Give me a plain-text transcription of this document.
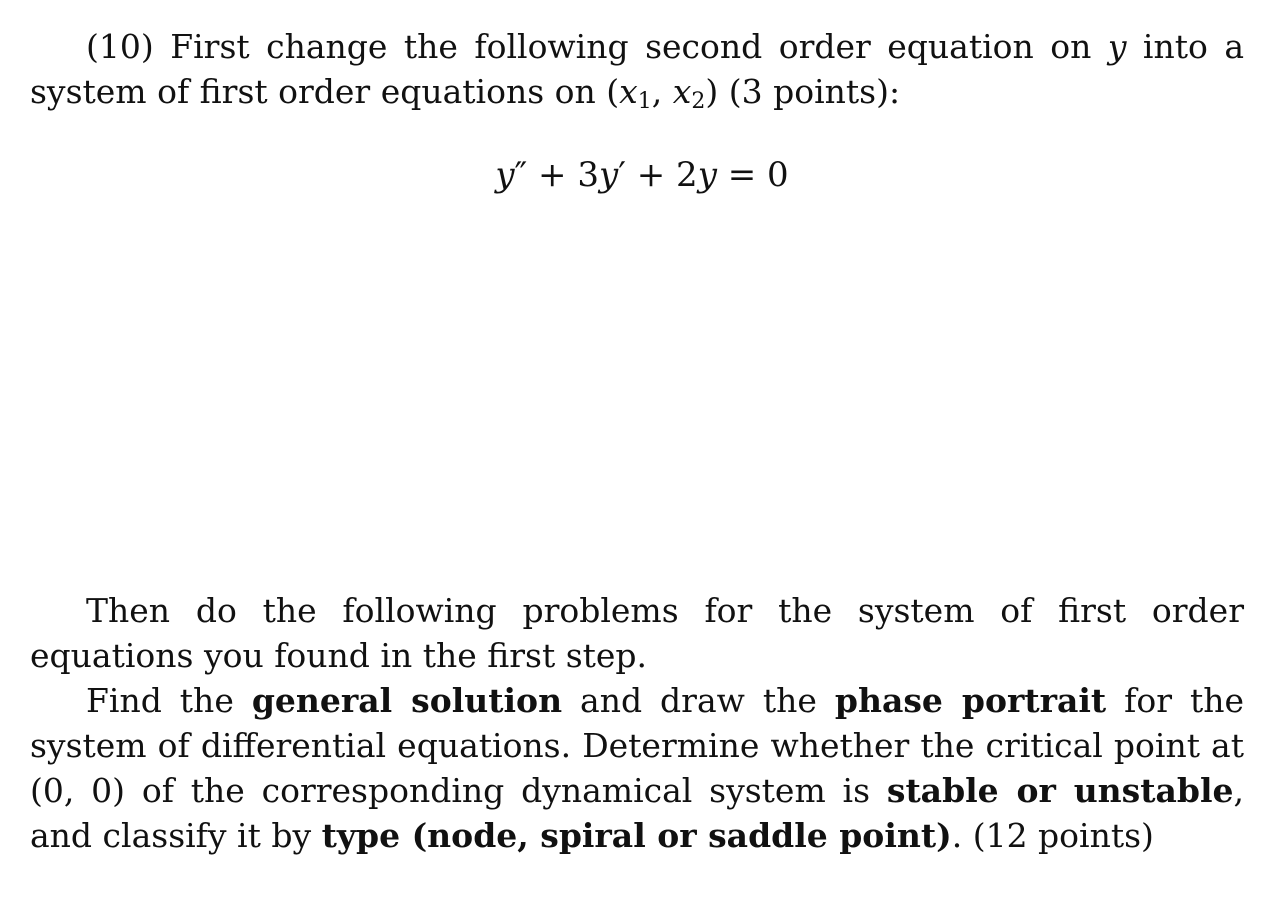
(10) First change the following second order equation on y into a system of first order equations on ($x_1$, $x_2$) (3 points):

y″ + 3y′ + 2y = 0

Then do the following problems for the system of first order equations you found in the first step.

Find the general solution and draw the phase portrait for the system of differential equations. Determine whether the critical point at (0, 0) of the corresponding dynamical system is stable or unstable, and classify it by type (node, spiral or saddle point). (12 points)
